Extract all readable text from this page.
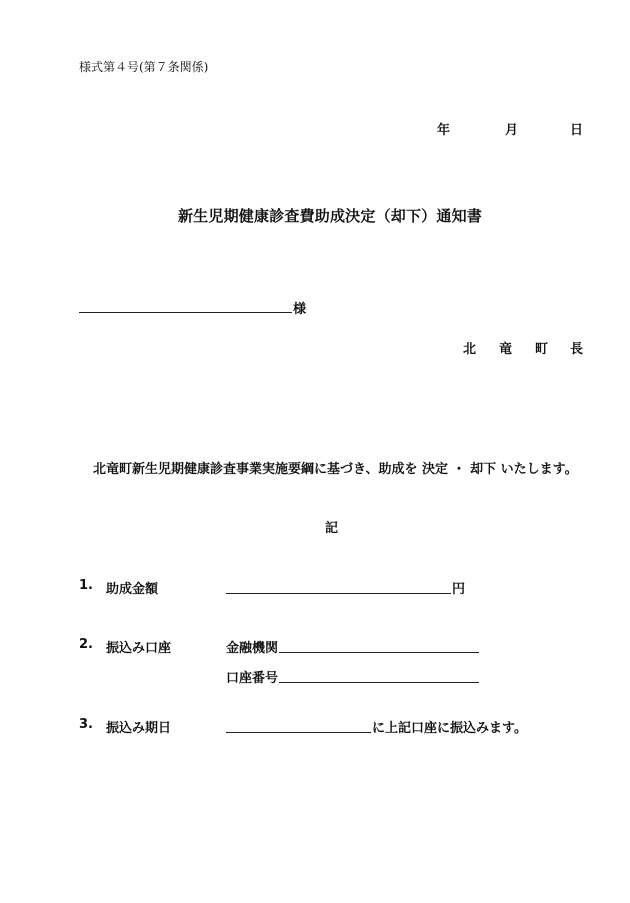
様式第４号(第７条関係)
年	月	日
新生児期健康診査費助成決定（却下）通知書
様
北 竜 町 長
北竜町新生児期健康診査事業実施要綱に基づき、助成を 決定 ・ 却下 いたします。
記
1. 助成金額	円
2. 振込み口座	金融機関
口座番号
3. 振込み期日	に上記口座に振込みます。
